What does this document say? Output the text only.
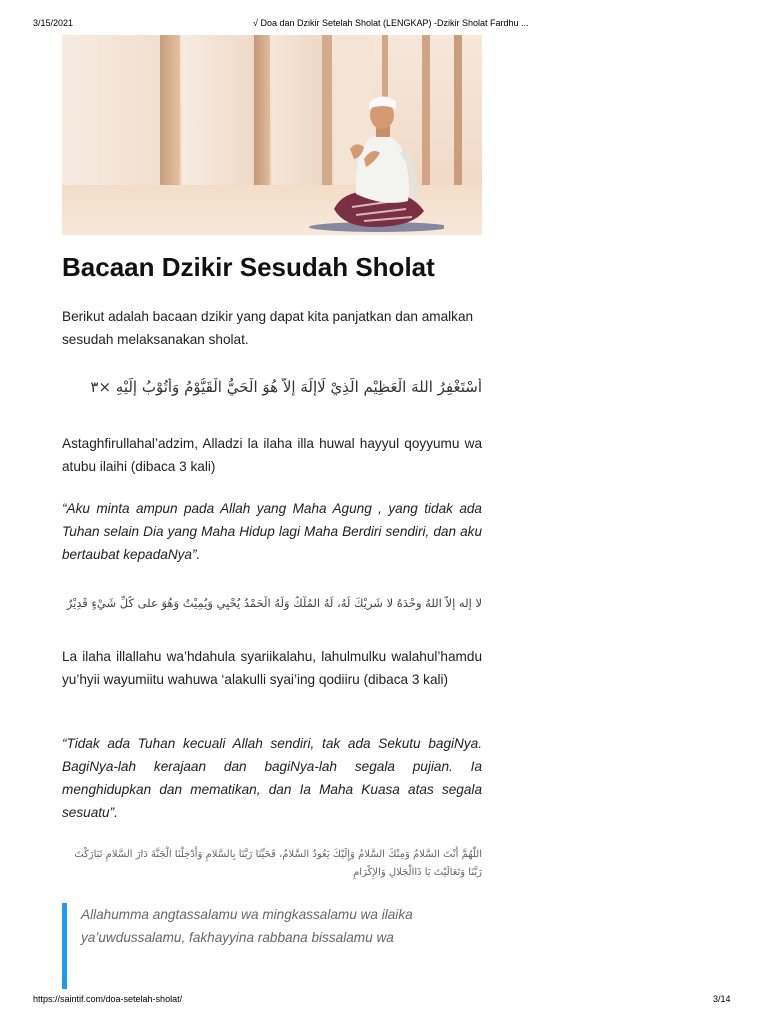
3/15/2021	√ Doa dan Dzikir Setelah Sholat (LENGKAP) -Dzikir Sholat Fardhu ...
Bacaan Dzikir Sesudah Sholat

Berikut adalah bacaan dzikir yang dapat kita panjatkan dan amalkan sesudah melaksanakan sholat.

أَسْتَغْفِرُ اللهَ الْعَظِيْمِ الَّذِيْ لَاإِلَهَ إِلاَّ هُوَ الْحَيُّ الْقَيُّوْمُ وَأَتُوْبُ إِلَيْهِ ×٣

Astaghfirullahal’adzim, Alladzi la ilaha illa huwal hayyul qoyyumu wa atubu ilaihi (dibaca 3 kali)

“Aku minta ampun pada Allah yang Maha Agung , yang tidak ada Tuhan selain Dia yang Maha Hidup lagi Maha Berdiri sendiri, dan aku bertaubat kepadaNya”.

لا إله إلاَّ اللهُ وحْدَهُ لا شَرِيْكَ لَهُ، لَهُ المُلْكُ وَلَهُ الْحَمْدُ يُحْيِي وَيُمِيْتُ وَهُوَ على كُلِّ شَيْءٍ قَدِيْرٌ

La ilaha illallahu wa’hdahula syariikalahu, lahulmulku walahul’hamdu yu’hyii wayumiitu wahuwa ‘alakulli syai’ing qodiiru (dibaca 3 kali)

“Tidak ada Tuhan kecuali Allah sendiri, tak ada Sekutu bagiNya. BagiNya-lah kerajaan dan bagiNya-lah segala pujian. Ia menghidupkan dan mematikan, dan Ia Maha Kuasa atas segala sesuatu”.

اللَّهُمَّ أَنْتَ السَّلامُ وَمِنْكَ السَّلامُ وَإِلَيْكَ يَعُودُ السَّلامُ، فَحَيِّنَا رَبَّنَا بِالسَّلامِ وَأَدْخِلْنَا الْجَنَّةَ دَارَ السَّلامِ تَبَارَكْتَ رَبَّنَا وَتَعَالَيْتَ يَا ذَاالْجَلالِ وَالإِكْرَامِ

Allahumma angtassalamu wa mingkassalamu wa ilaika ya’uwdussalamu, fakhayyina rabbana bissalamu wa

https://saintif.com/doa-setelah-sholat/	3/14
